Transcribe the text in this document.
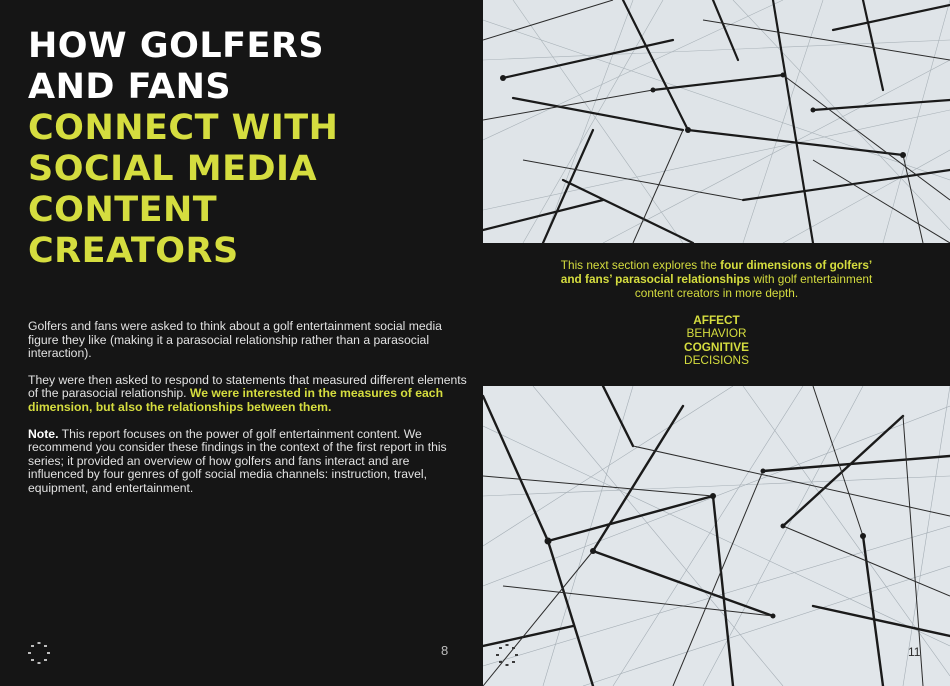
HOW GOLFERS
AND FANS
CONNECT WITH
SOCIAL MEDIA
CONTENT
CREATORS

Golfers and fans were asked to think about a golf entertainment social media figure they like (making it a parasocial relationship rather than a parasocial interaction).

They were then asked to respond to statements that measured different elements of the parasocial relationship. We were interested in the measures of each dimension, but also the relationships between them.

Note. This report focuses on the power of golf entertainment content. We recommend you consider these findings in the context of the first report in this series; it provided an overview of how golfers and fans interact and are influenced by four genres of golf social media channels: instruction, travel, equipment, and entertainment.

8

This next section explores the four dimensions of golfers’ and fans’ parasocial relationships with golf entertainment content creators in more depth.

AFFECT
BEHAVIOR
COGNITIVE
DECISIONS
11
